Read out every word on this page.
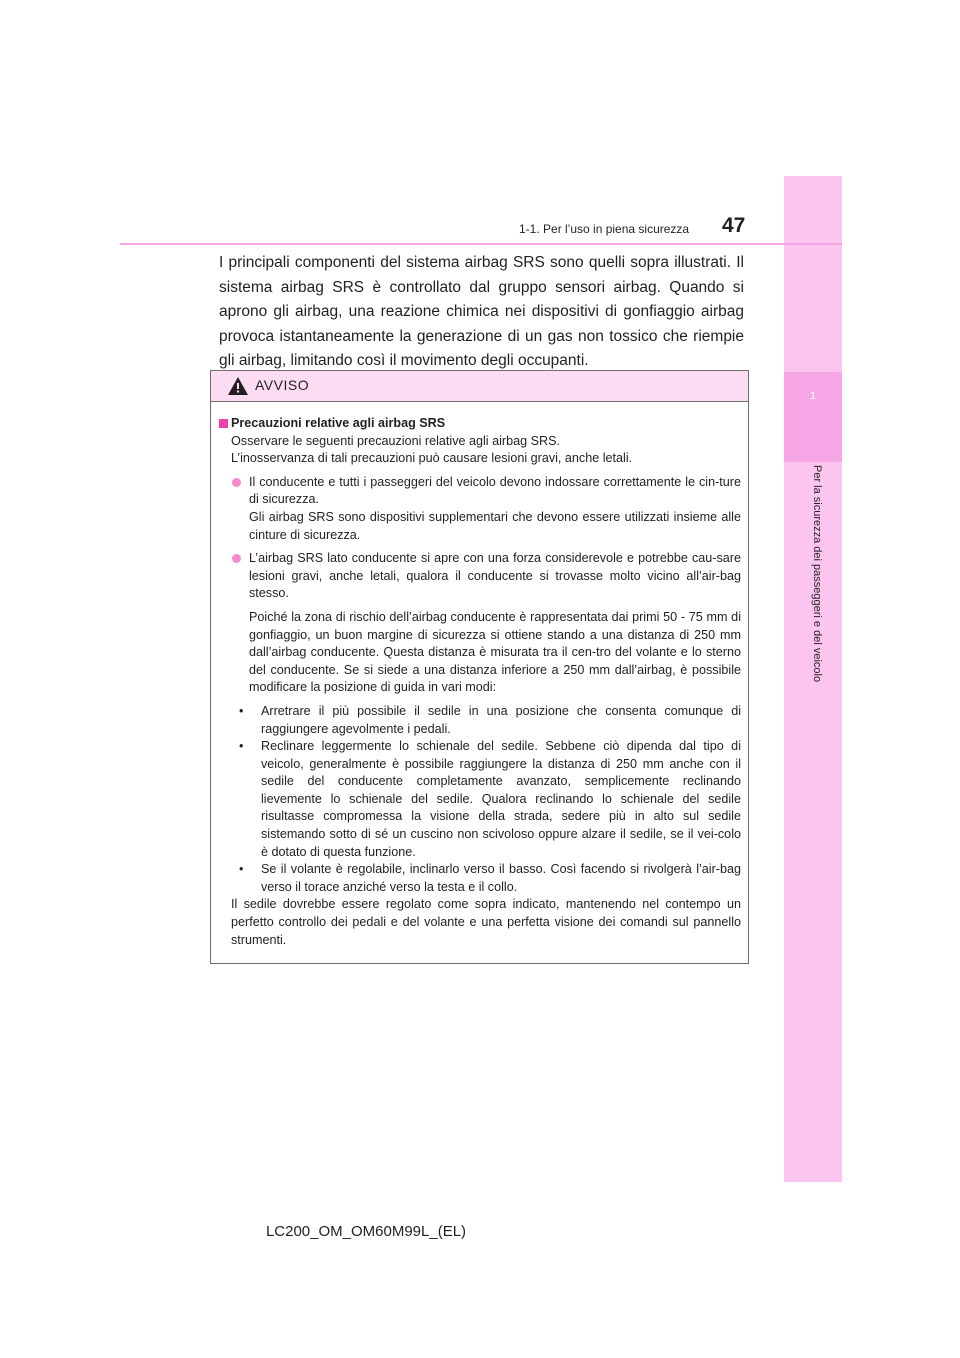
1
Per la sicurezza dei passeggeri e del veicolo
47
1-1. Per l’uso in piena sicurezza
I principali componenti del sistema airbag SRS sono quelli sopra illustrati. Il sistema airbag SRS è controllato dal gruppo sensori airbag. Quando si aprono gli airbag, una reazione chimica nei dispositivi di gonfiaggio airbag provoca istantaneamente la generazione di un gas non tossico che riempie gli airbag, limitando così il movimento degli occupanti.
AVVISO
Precauzioni relative agli airbag SRS
Osservare le seguenti precauzioni relative agli airbag SRS.
L’inosservanza di tali precauzioni può causare lesioni gravi, anche letali.
Il conducente e tutti i passeggeri del veicolo devono indossare correttamente le cin-ture di sicurezza.
Gli airbag SRS sono dispositivi supplementari che devono essere utilizzati insieme alle cinture di sicurezza.
L’airbag SRS lato conducente si apre con una forza considerevole e potrebbe cau-sare lesioni gravi, anche letali, qualora il conducente si trovasse molto vicino all’air-bag stesso.
Poiché la zona di rischio dell’airbag conducente è rappresentata dai primi 50 - 75 mm di gonfiaggio, un buon margine di sicurezza si ottiene stando a una distanza di 250 mm dall’airbag conducente. Questa distanza è misurata tra il cen-tro del volante e lo sterno del conducente. Se si siede a una distanza inferiore a 250 mm dall’airbag, è possibile modificare la posizione di guida in vari modi:
•	Arretrare il più possibile il sedile in una posizione che consenta comunque di raggiungere agevolmente i pedali.
•	Reclinare leggermente lo schienale del sedile. Sebbene ciò dipenda dal tipo di veicolo, generalmente è possibile raggiungere la distanza di 250 mm anche con il sedile del conducente completamente avanzato, semplicemente reclinando lievemente lo schienale del sedile. Qualora reclinando lo schienale del sedile risultasse compromessa la visione della strada, sedere più in alto sul sedile sistemando sotto di sé un cuscino non scivoloso oppure alzare il sedile, se il vei-colo è dotato di questa funzione.
•	Se il volante è regolabile, inclinarlo verso il basso. Così facendo si rivolgerà l’air-bag verso il torace anziché verso la testa e il collo.
Il sedile dovrebbe essere regolato come sopra indicato, mantenendo nel contempo un perfetto controllo dei pedali e del volante e una perfetta visione dei comandi sul pannello strumenti.
LC200_OM_OM60M99L_(EL)
